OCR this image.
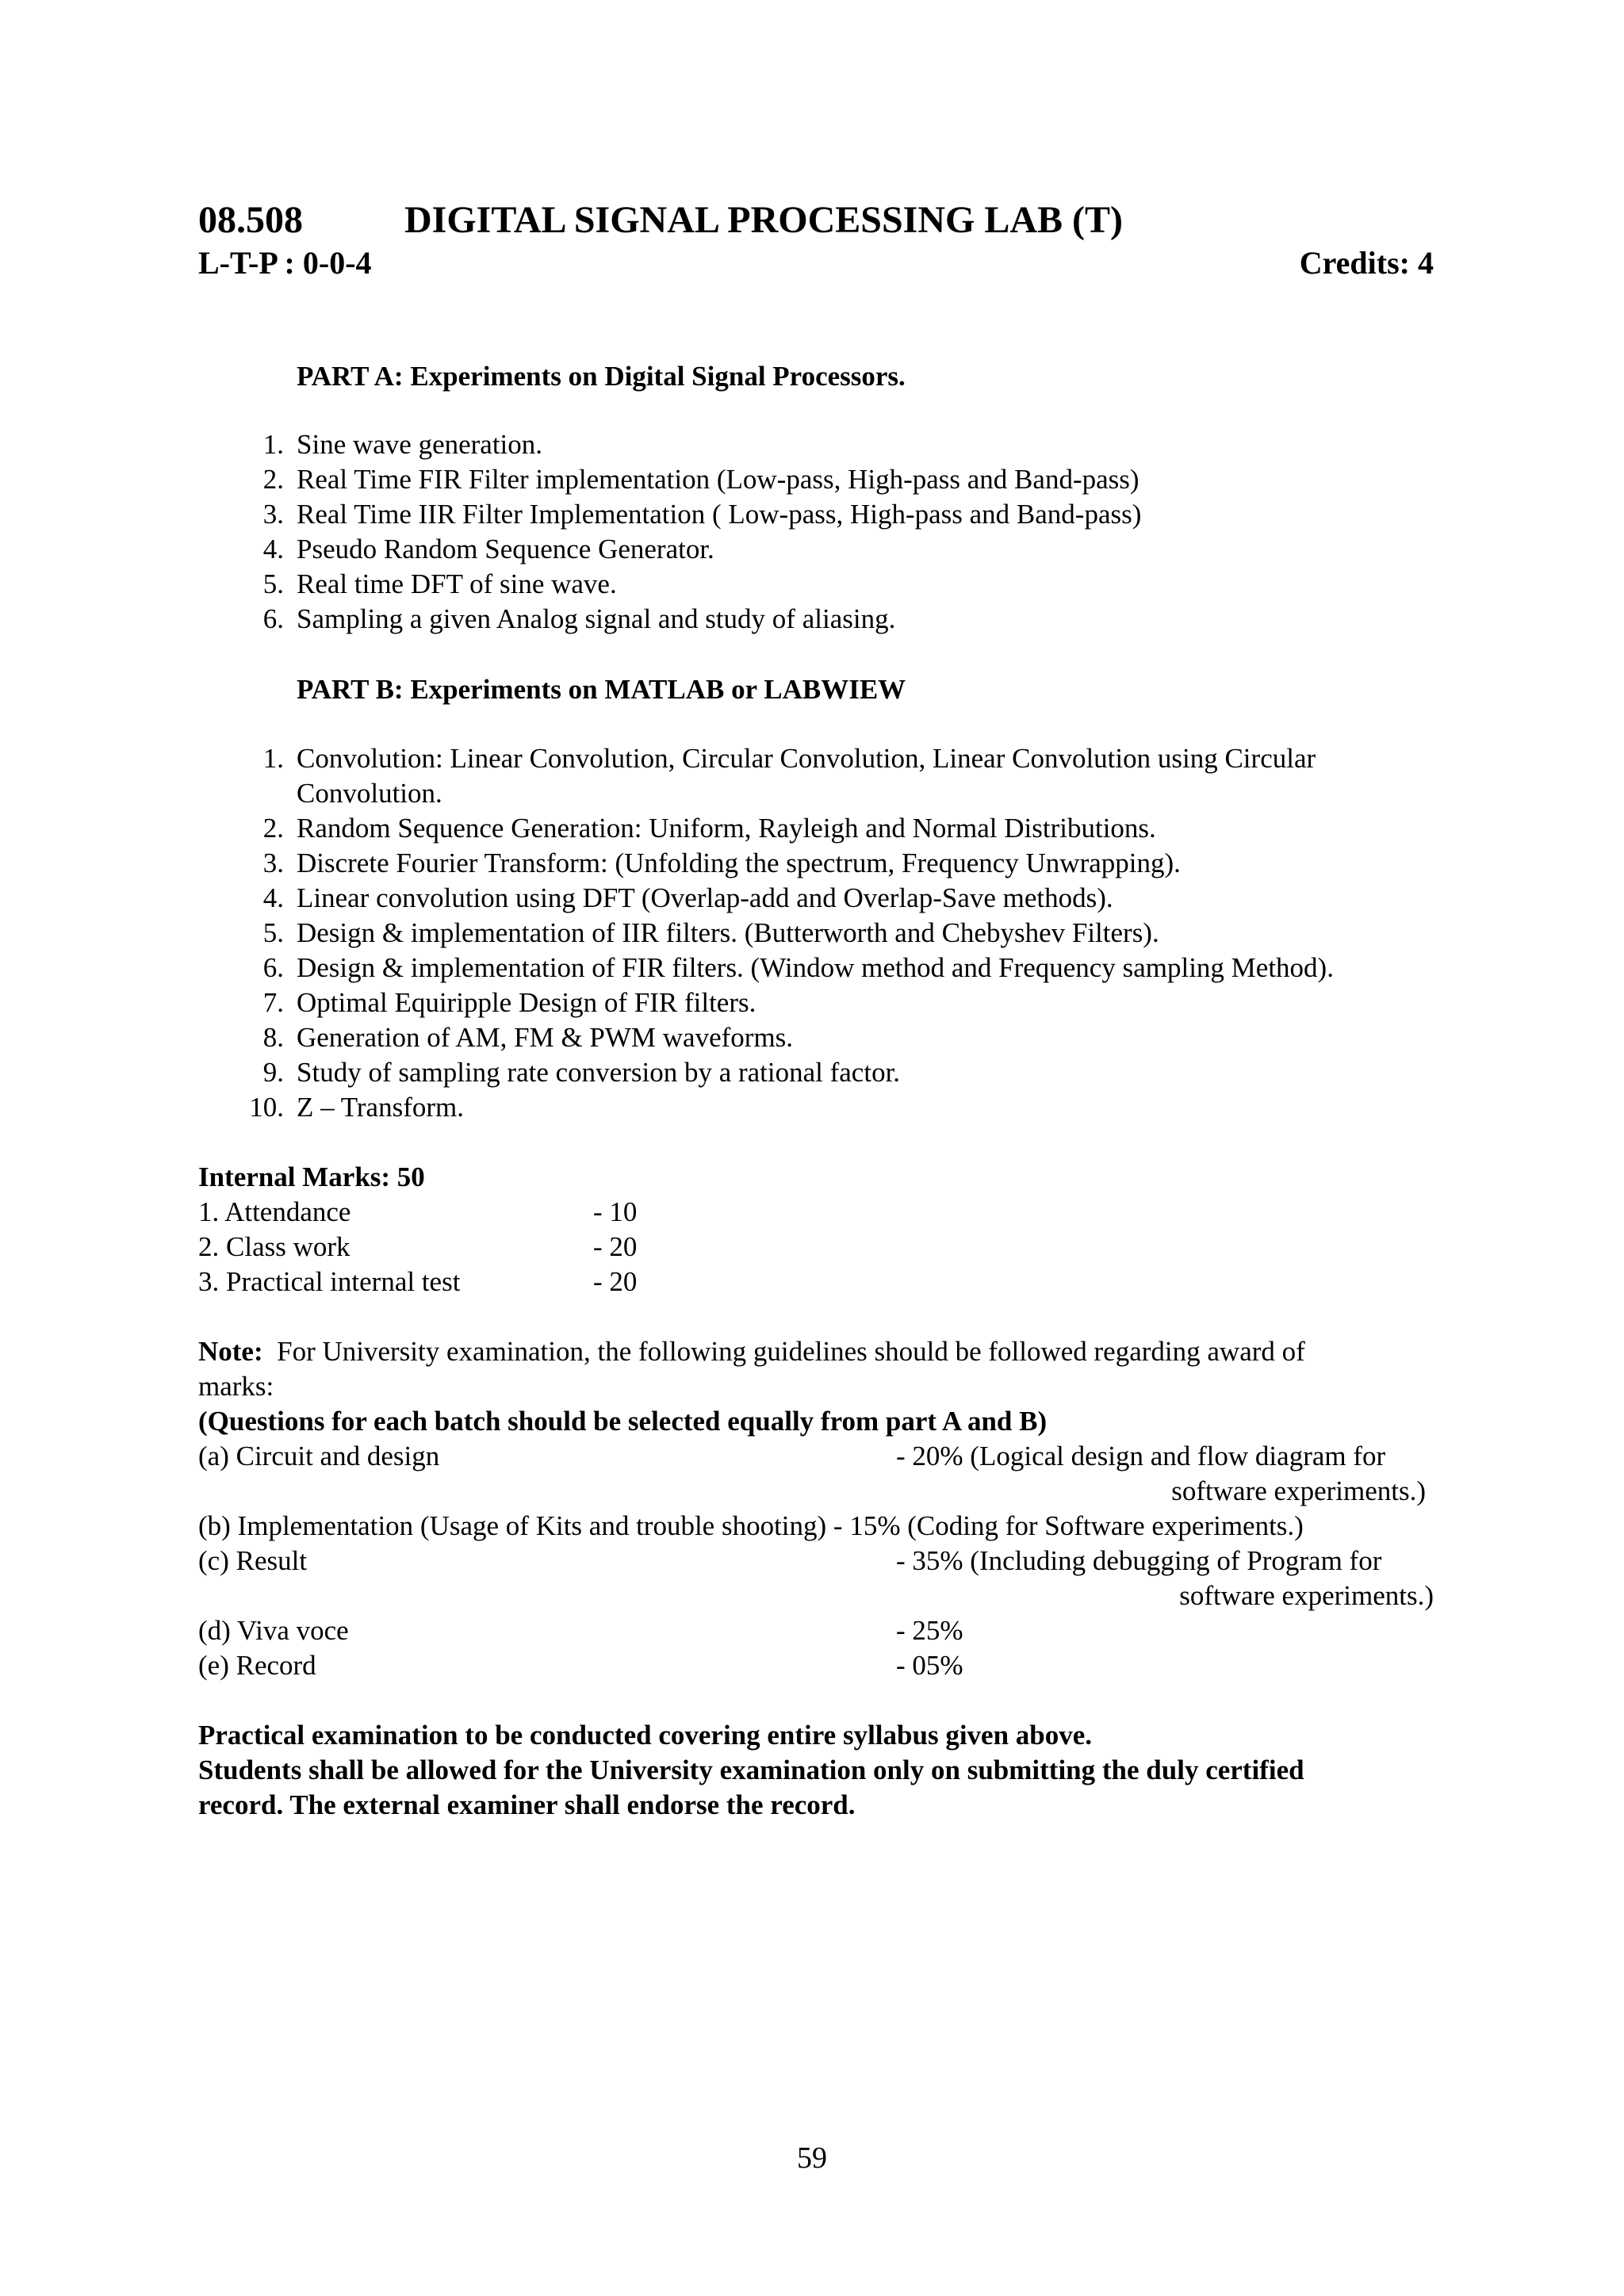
08.508	DIGITAL SIGNAL PROCESSING LAB (T)
L-T-P : 0-0-4	Credits: 4
PART A: Experiments on Digital Signal Processors.
1. Sine wave generation.
2. Real Time FIR Filter implementation (Low-pass, High-pass and Band-pass)
3. Real Time IIR Filter Implementation ( Low-pass, High-pass and Band-pass)
4. Pseudo Random Sequence Generator.
5. Real time DFT of sine wave.
6. Sampling a given Analog signal and study of aliasing.
PART B: Experiments on MATLAB or LABWIEW
1. Convolution: Linear Convolution, Circular Convolution, Linear Convolution using Circular
Convolution.
2. Random Sequence Generation: Uniform, Rayleigh and Normal Distributions.
3. Discrete Fourier Transform: (Unfolding the spectrum, Frequency Unwrapping).
4. Linear convolution using DFT (Overlap-add and Overlap-Save methods).
5. Design & implementation of IIR filters. (Butterworth and Chebyshev Filters).
6. Design & implementation of FIR filters. (Window method and Frequency sampling Method).
7. Optimal Equiripple Design of FIR filters.
8. Generation of AM, FM & PWM waveforms.
9. Study of sampling rate conversion by a rational factor.
10. Z – Transform.
Internal Marks: 50
1. Attendance	- 10
2. Class work	- 20
3. Practical internal test	- 20
Note:  For University examination, the following guidelines should be followed regarding award of
marks:
(Questions for each batch should be selected equally from part A and B)
(a) Circuit and design	- 20% (Logical design and flow diagram for
software experiments.)
(b) Implementation (Usage of Kits and trouble shooting) - 15% (Coding for Software experiments.)
(c) Result	- 35% (Including debugging of Program for
software experiments.)
(d) Viva voce	- 25%
(e) Record	- 05%
Practical examination to be conducted covering entire syllabus given above.
Students shall be allowed for the University examination only on submitting the duly certified
record. The external examiner shall endorse the record.
59
